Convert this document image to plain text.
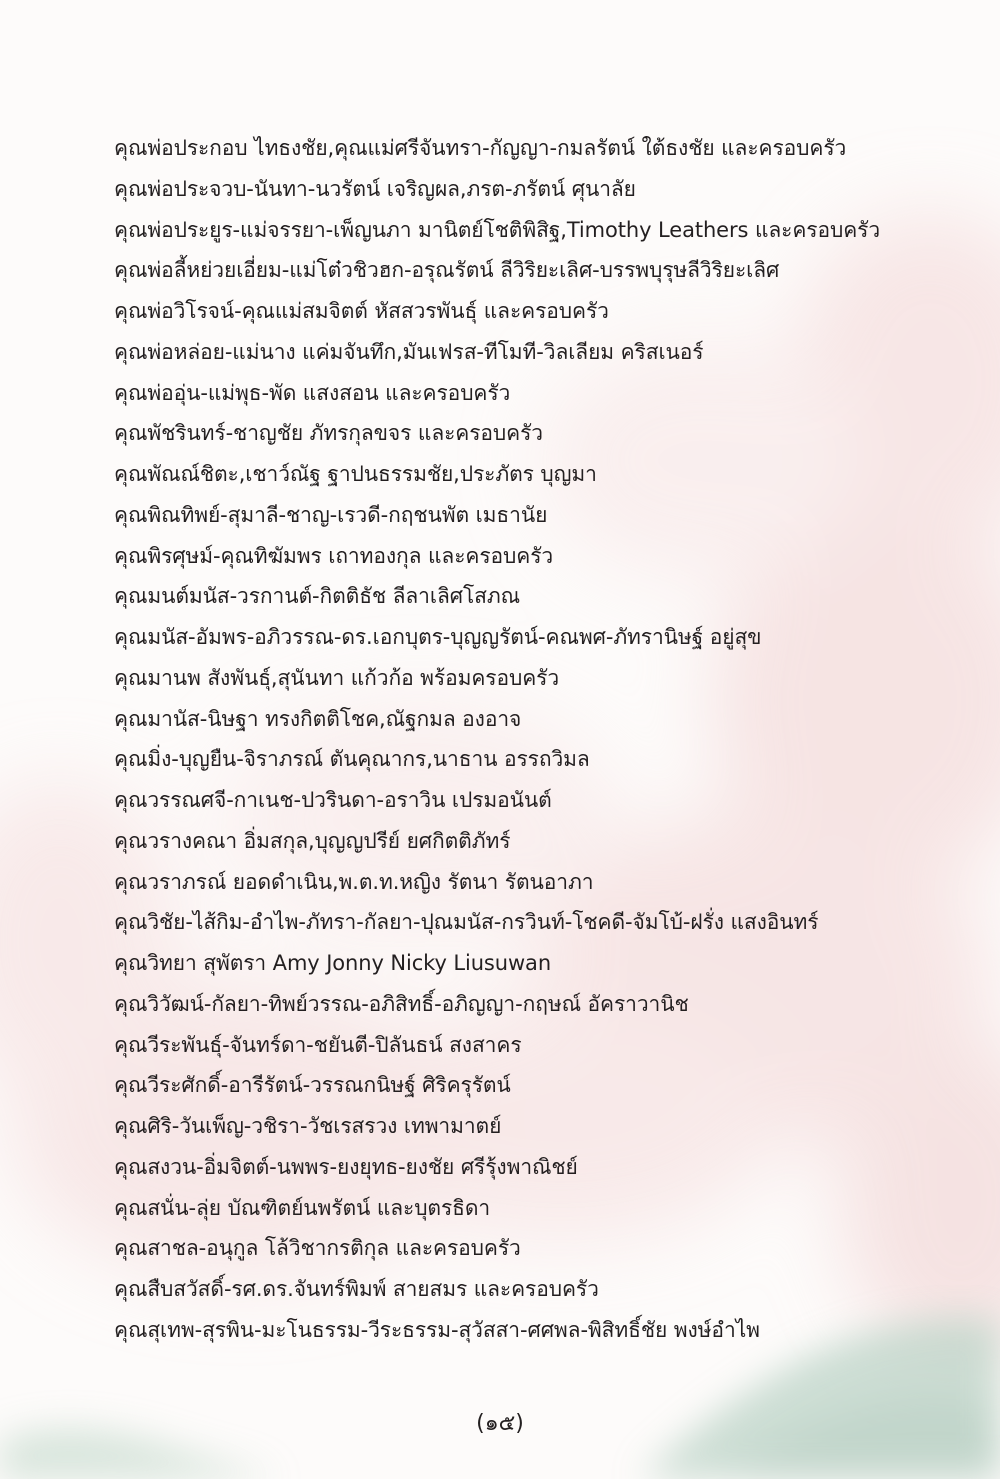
คุณพ่อประกอบ ไทธงชัย,คุณแม่ศรีจันทรา-กัญญา-กมลรัตน์ ใต้ธงชัย และครอบครัว
คุณพ่อประจวบ-นันทา-นวรัตน์ เจริญผล,ภรต-ภรัตน์ ศุนาลัย
คุณพ่อประยูร-แม่จรรยา-เพ็ญนภา มานิตย์โชติพิสิฐ,Timothy Leathers และครอบครัว
คุณพ่อลี้หย่วยเอี่ยม-แม่โต๋วชิวฮก-อรุณรัตน์ ลีวิริยะเลิศ-บรรพบุรุษลีวิริยะเลิศ
คุณพ่อวิโรจน์-คุณแม่สมจิตต์ หัสสวรพันธุ์ และครอบครัว
คุณพ่อหล่อย-แม่นาง แค่มจันทึก,มันเฟรส-ทีโมที-วิลเลียม คริสเนอร์
คุณพ่ออุ่น-แม่พุธ-พัด แสงสอน และครอบครัว
คุณพัชรินทร์-ชาญชัย ภัทรกุลขจร และครอบครัว
คุณพัณณ์ชิตะ,เชาว์ณัฐ ฐาปนธรรมชัย,ประภัตร บุญมา
คุณพิณทิพย์-สุมาลี-ชาญ-เรวดี-กฤชนพัต เมธานัย
คุณพิรศุษม์-คุณทิฆัมพร เถาทองกุล และครอบครัว
คุณมนต์มนัส-วรกานต์-กิตติธัช ลีลาเลิศโสภณ
คุณมนัส-อัมพร-อภิวรรณ-ดร.เอกบุตร-บุญญรัตน์-คณพศ-ภัทรานิษฐ์ อยู่สุข
คุณมานพ สังพันธุ์,สุนันทา แก้วก้อ พร้อมครอบครัว
คุณมานัส-นิษฐา ทรงกิตติโชค,ณัฐกมล องอาจ
คุณมิ่ง-บุญยืน-จิราภรณ์ ตันคุณากร,นาธาน อรรถวิมล
คุณวรรณศจี-กาเนช-ปวรินดา-อราวิน เปรมอนันต์
คุณวรางคณา อิ่มสกุล,บุญญปรีย์ ยศกิตติภัทร์
คุณวราภรณ์ ยอดดำเนิน,พ.ต.ท.หญิง รัตนา รัตนอาภา
คุณวิชัย-ไส้กิม-อำไพ-ภัทรา-กัลยา-ปุณมนัส-กรวินท์-โชคดี-จัมโบ้-ฝรั่ง แสงอินทร์
คุณวิทยา สุพัตรา Amy Jonny Nicky Liusuwan
คุณวิวัฒน์-กัลยา-ทิพย์วรรณ-อภิสิทธิ์-อภิญญา-กฤษณ์ อัคราวานิช
คุณวีระพันธุ์-จันทร์ดา-ชยันตี-ปิลันธน์ สงสาคร
คุณวีระศักดิ์-อารีรัตน์-วรรณกนิษฐ์ ศิริครุรัตน์
คุณศิริ-วันเพ็ญ-วชิรา-วัชเรสรวง เทพามาตย์
คุณสงวน-อิ่มจิตต์-นพพร-ยงยุทธ-ยงชัย ศรีรุ้งพาณิชย์
คุณสนั่น-ลุ่ย บัณฑิตย์นพรัตน์ และบุตรธิดา
คุณสาชล-อนุกูล โล้วิชากรติกุล และครอบครัว
คุณสืบสวัสดิ์-รศ.ดร.จันทร์พิมพ์ สายสมร และครอบครัว
คุณสุเทพ-สุรพิน-มะโนธรรม-วีระธรรม-สุวัสสา-ศศพล-พิสิทธิ์ชัย พงษ์อำไพ
(๑๕)
